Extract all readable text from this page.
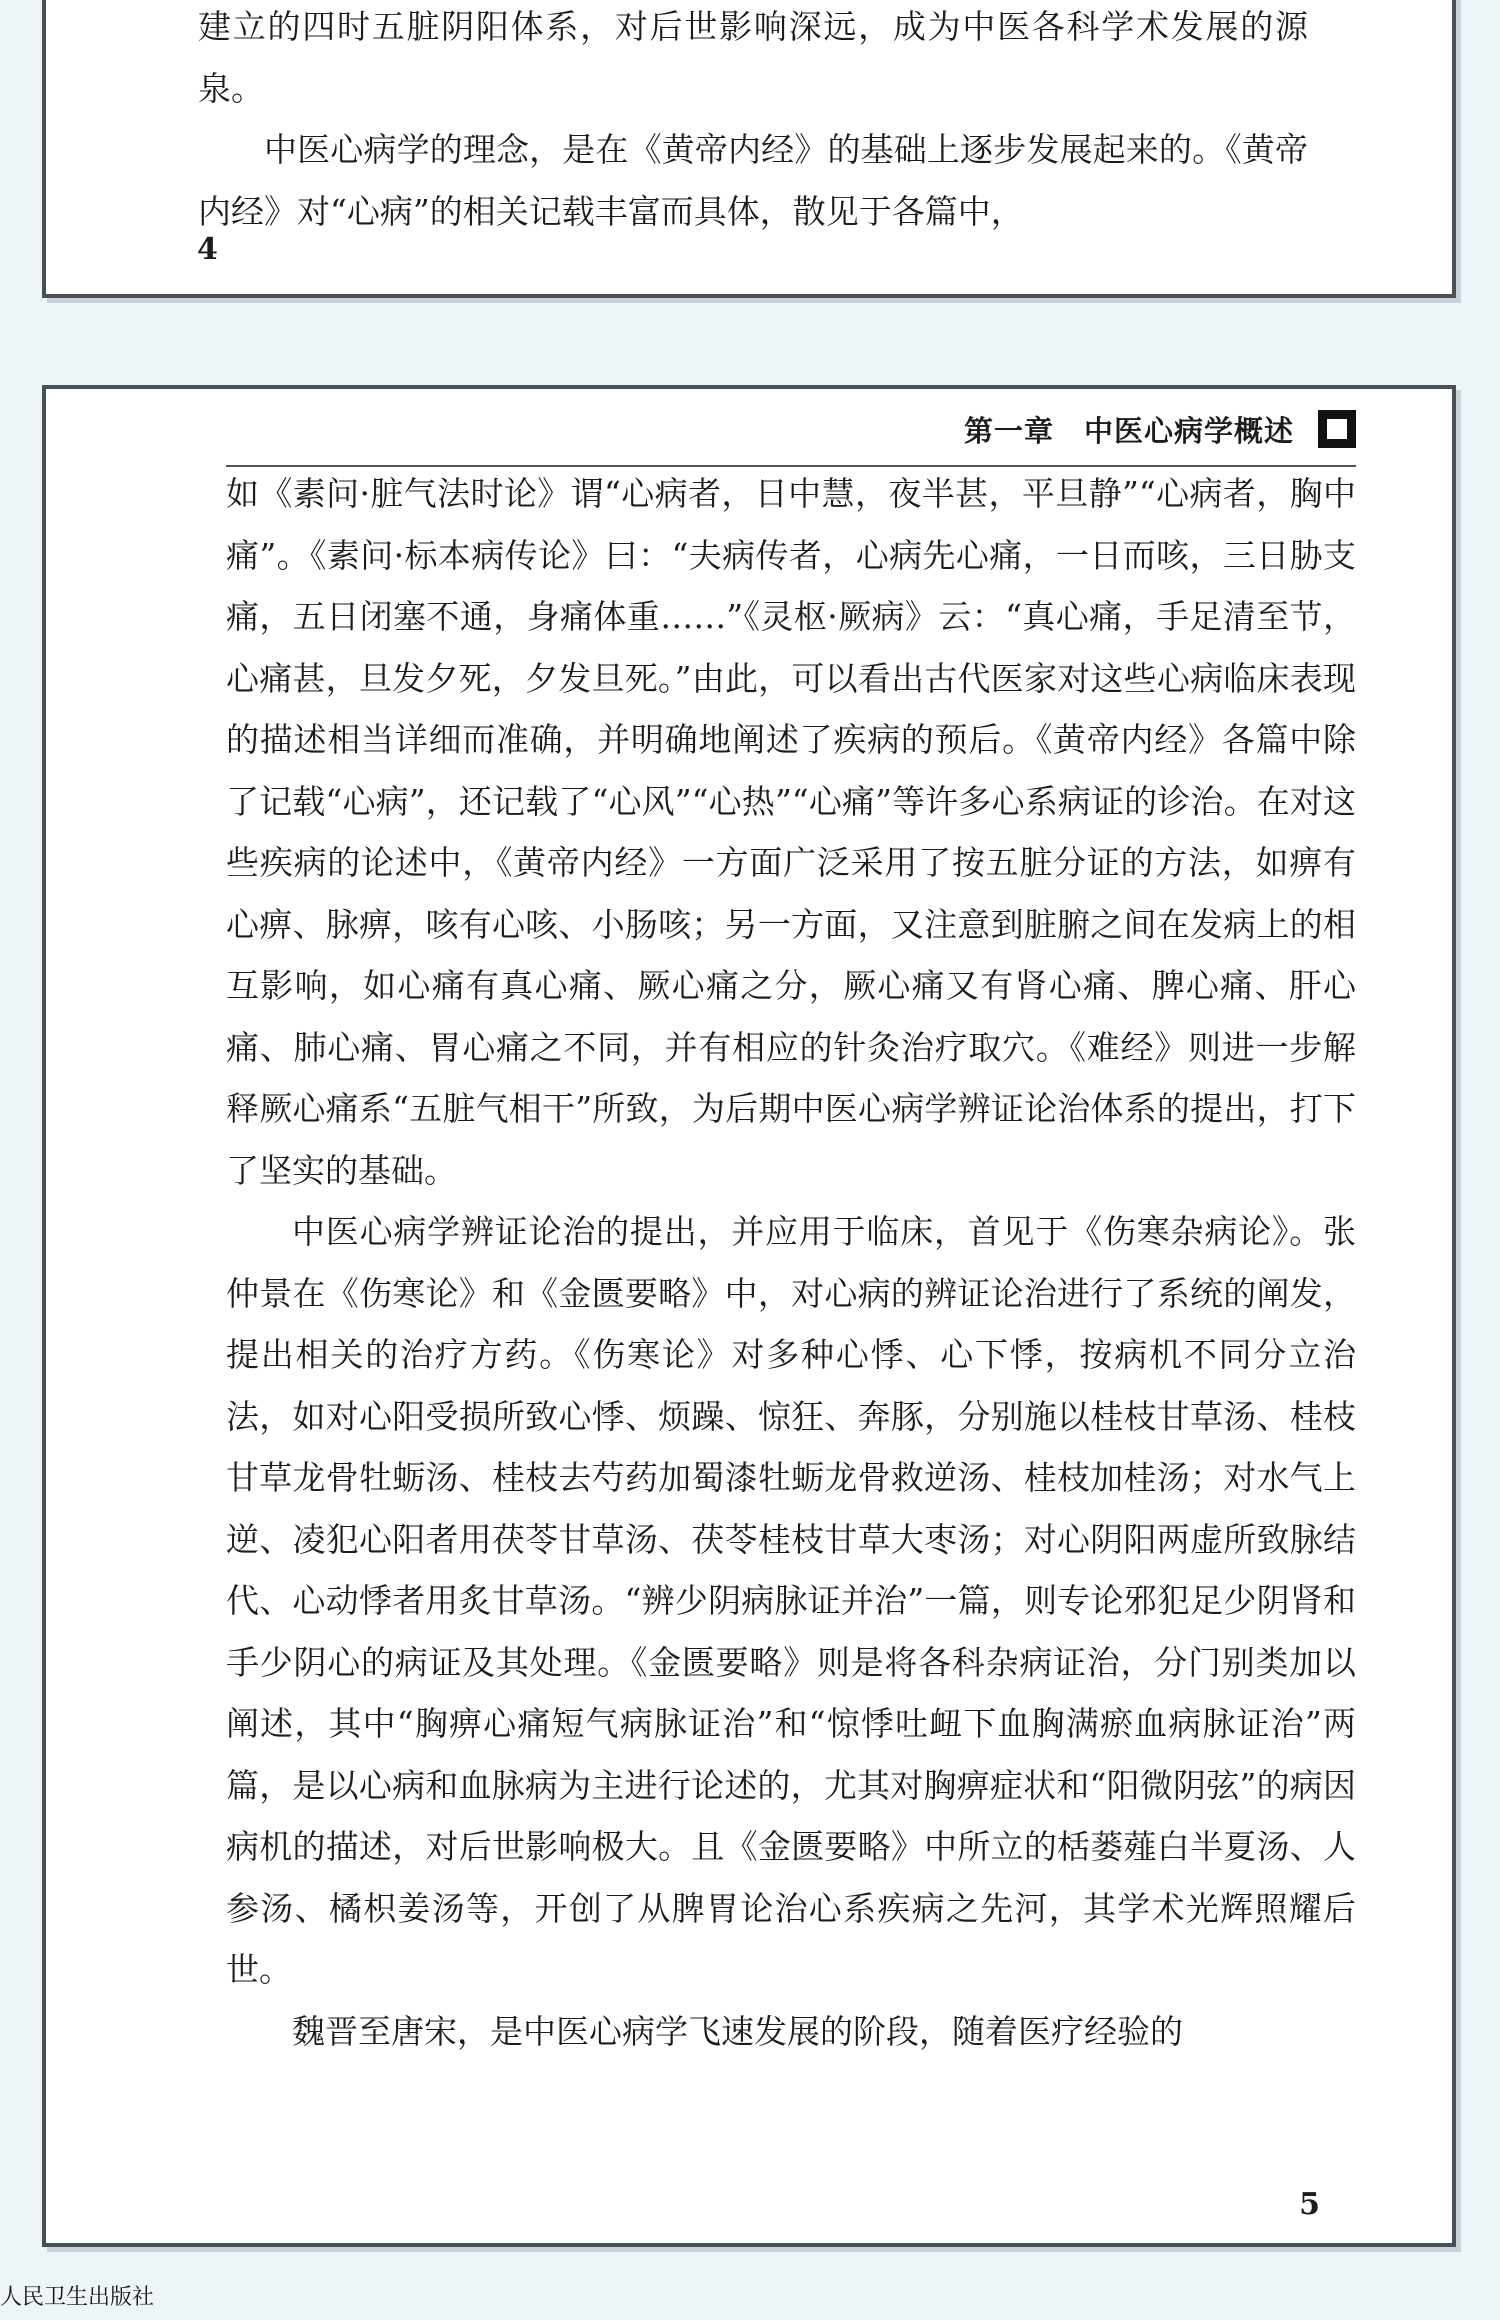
建立的四时五脏阴阳体系，对后世影响深远，成为中医各科学术发展的源泉。

中医心病学的理念，是在《黄帝内经》的基础上逐步发展起来的。《黄帝内经》对“心病”的相关记载丰富而具体，散见于各篇中，

4
第一章　中医心病学概述

如《素问·脏气法时论》谓“心病者，日中慧，夜半甚，平旦静”“心病者，胸中痛”。《素问·标本病传论》曰：“夫病传者，心病先心痛，一日而咳，三日胁支痛，五日闭塞不通，身痛体重……”《灵枢·厥病》云：“真心痛，手足清至节，心痛甚，旦发夕死，夕发旦死。”由此，可以看出古代医家对这些心病临床表现的描述相当详细而准确，并明确地阐述了疾病的预后。《黄帝内经》各篇中除了记载“心病”，还记载了“心风”“心热”“心痛”等许多心系病证的诊治。在对这些疾病的论述中，《黄帝内经》一方面广泛采用了按五脏分证的方法，如痹有心痹、脉痹，咳有心咳、小肠咳；另一方面，又注意到脏腑之间在发病上的相互影响，如心痛有真心痛、厥心痛之分，厥心痛又有肾心痛、脾心痛、肝心痛、肺心痛、胃心痛之不同，并有相应的针灸治疗取穴。《难经》则进一步解释厥心痛系“五脏气相干”所致，为后期中医心病学辨证论治体系的提出，打下了坚实的基础。

中医心病学辨证论治的提出，并应用于临床，首见于《伤寒杂病论》。张仲景在《伤寒论》和《金匮要略》中，对心病的辨证论治进行了系统的阐发，提出相关的治疗方药。《伤寒论》对多种心悸、心下悸，按病机不同分立治法，如对心阳受损所致心悸、烦躁、惊狂、奔豚，分别施以桂枝甘草汤、桂枝甘草龙骨牡蛎汤、桂枝去芍药加蜀漆牡蛎龙骨救逆汤、桂枝加桂汤；对水气上逆、凌犯心阳者用茯苓甘草汤、茯苓桂枝甘草大枣汤；对心阴阳两虚所致脉结代、心动悸者用炙甘草汤。“辨少阴病脉证并治”一篇，则专论邪犯足少阴肾和手少阴心的病证及其处理。《金匮要略》则是将各科杂病证治，分门别类加以阐述，其中“胸痹心痛短气病脉证治”和“惊悸吐衄下血胸满瘀血病脉证治”两篇，是以心病和血脉病为主进行论述的，尤其对胸痹症状和“阳微阴弦”的病因病机的描述，对后世影响极大。且《金匮要略》中所立的栝蒌薤白半夏汤、人参汤、橘枳姜汤等，开创了从脾胃论治心系疾病之先河，其学术光辉照耀后世。

魏晋至唐宋，是中医心病学飞速发展的阶段，随着医疗经验的

5
人民卫生出版社
